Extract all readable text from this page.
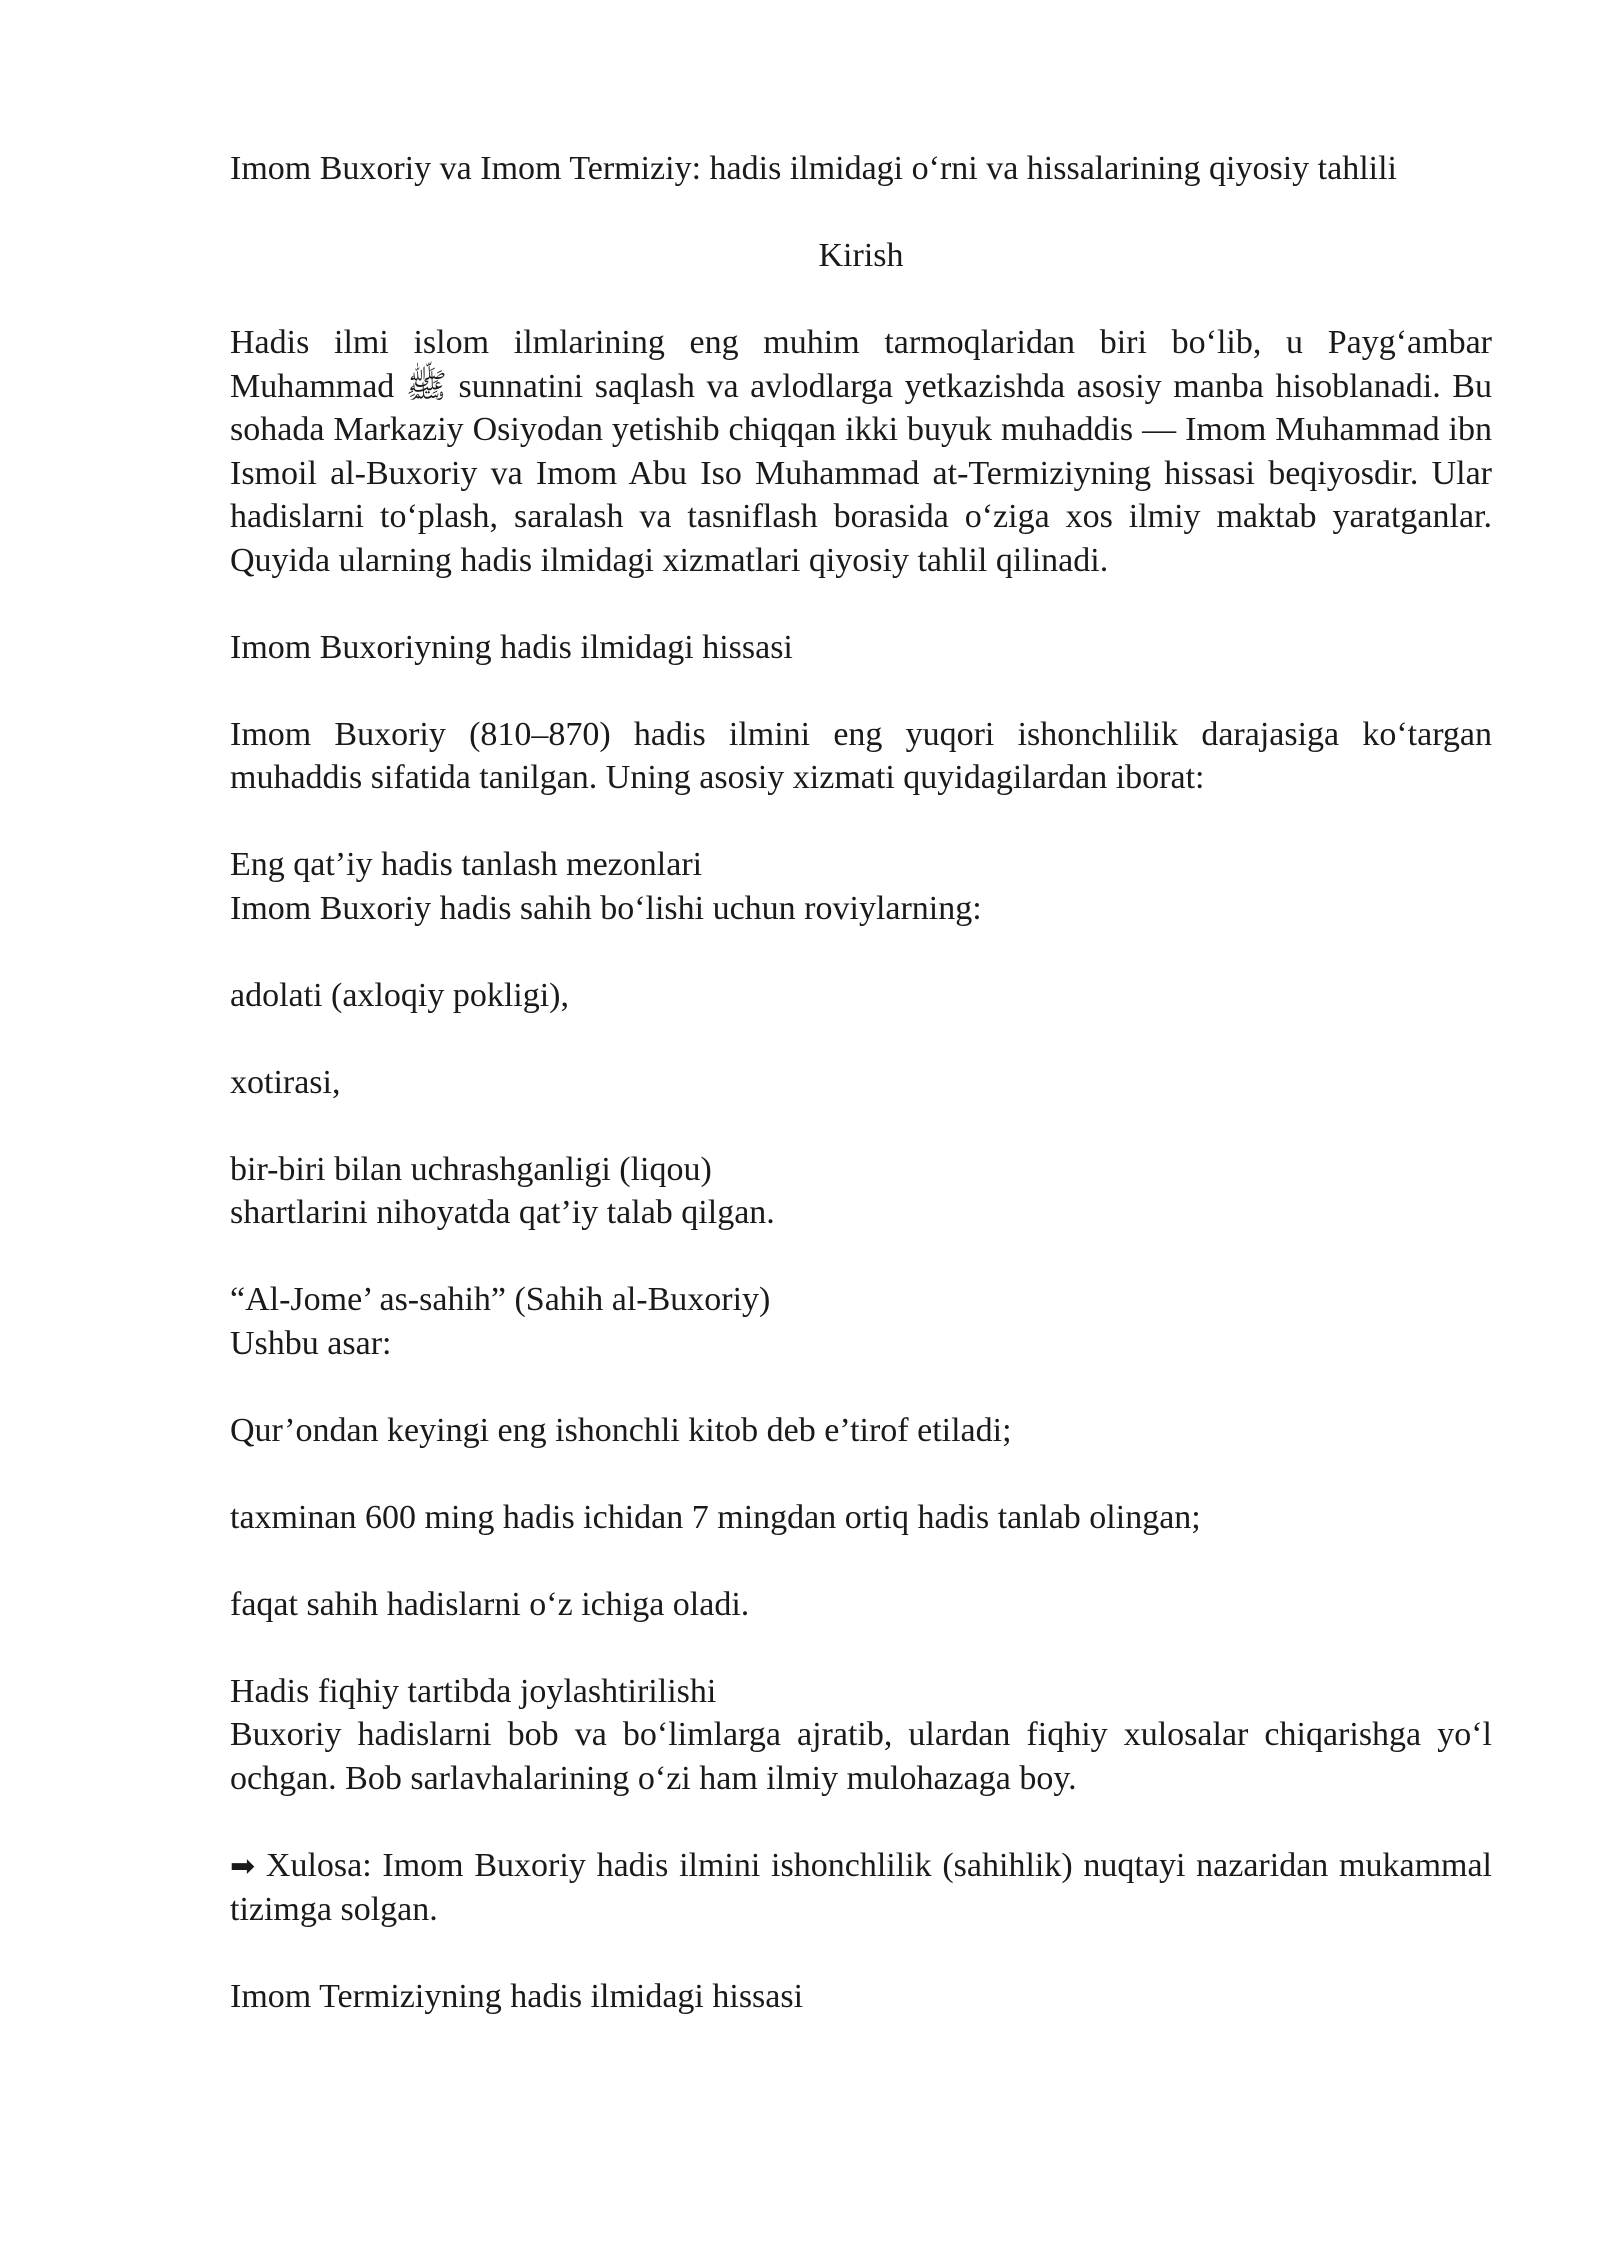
Imom Buxoriy va Imom Termiziy: hadis ilmidagi o‘rni va hissalarining qiyosiy tahlili

Kirish

Hadis ilmi islom ilmlarining eng muhim tarmoqlaridan biri bo‘lib, u Payg‘ambar Muhammad ﷺ sunnatini saqlash va avlodlarga yetkazishda asosiy manba hisoblanadi. Bu sohada Markaziy Osiyodan yetishib chiqqan ikki buyuk muhaddis — Imom Muhammad ibn Ismoil al-Buxoriy va Imom Abu Iso Muhammad at-Termiziyning hissasi beqiyosdir. Ular hadislarni to‘plash, saralash va tasniflash borasida o‘ziga xos ilmiy maktab yaratganlar. Quyida ularning hadis ilmidagi xizmatlari qiyosiy tahlil qilinadi.

Imom Buxoriyning hadis ilmidagi hissasi

Imom Buxoriy (810–870) hadis ilmini eng yuqori ishonchlilik darajasiga ko‘targan muhaddis sifatida tanilgan. Uning asosiy xizmati quyidagilardan iborat:

Eng qat’iy hadis tanlash mezonlari

Imom Buxoriy hadis sahih bo‘lishi uchun roviylarning:

adolati (axloqiy pokligi),

xotirasi,

bir-biri bilan uchrashganligi (liqou)

shartlarini nihoyatda qat’iy talab qilgan.

“Al-Jome’ as-sahih” (Sahih al-Buxoriy)

Ushbu asar:

Qur’ondan keyingi eng ishonchli kitob deb e’tirof etiladi;

taxminan 600 ming hadis ichidan 7 mingdan ortiq hadis tanlab olingan;

faqat sahih hadislarni o‘z ichiga oladi.

Hadis fiqhiy tartibda joylashtirilishi

Buxoriy hadislarni bob va bo‘limlarga ajratib, ulardan fiqhiy xulosalar chiqarishga yo‘l ochgan. Bob sarlavhalarining o‘zi ham ilmiy mulohazaga boy.

➡ Xulosa: Imom Buxoriy hadis ilmini ishonchlilik (sahihlik) nuqtayi nazaridan mukammal tizimga solgan.

Imom Termiziyning hadis ilmidagi hissasi
